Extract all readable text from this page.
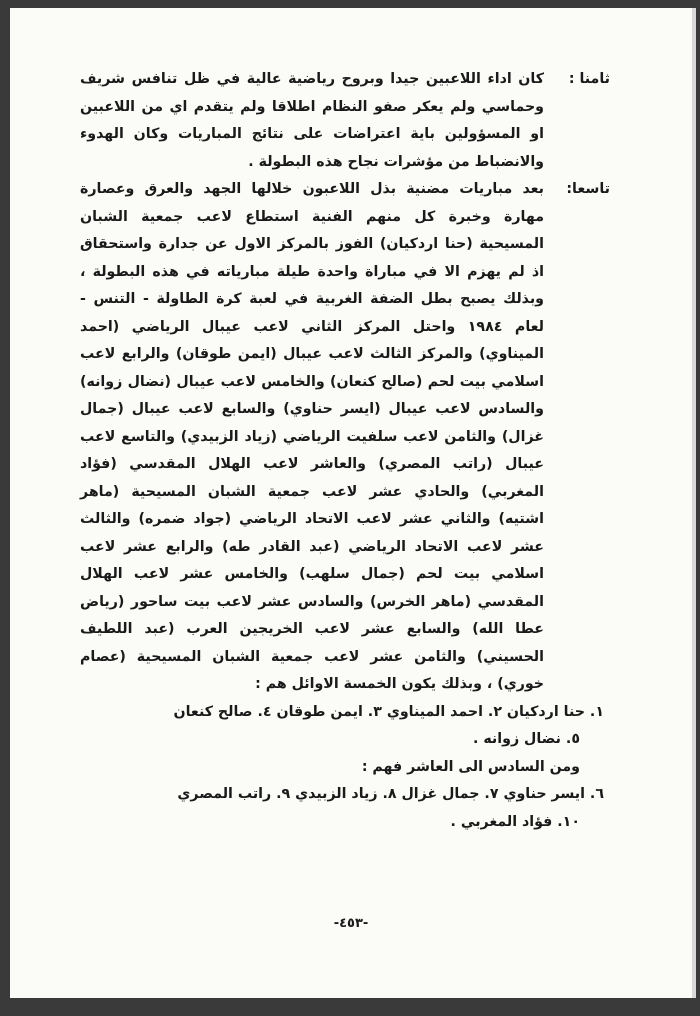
ثامنا :

كان اداء اللاعبين جيدا وبروح رياضية عالية في ظل تنافس شريف وحماسي ولم يعكر صفو النظام اطلاقا ولم يتقدم اي من اللاعبين او المسؤولين باية اعتراضات على نتائج المباريات وكان الهدوء والانضباط من مؤشرات نجاح هذه البطولة .

تاسعا:

بعد مباريات مضنية بذل اللاعبون خلالها الجهد والعرق وعصارة مهارة وخبرة كل منهم الفنية استطاع لاعب جمعية الشبان المسيحية (حنا اردكيان) الفوز بالمركز الاول عن جدارة واستحقاق اذ لم يهزم الا في مباراة واحدة طيلة مبارياته في هذه البطولة ، وبذلك يصبح بطل الضفة الغربية في لعبة كرة الطاولة - التنس - لعام ١٩٨٤ واحتل المركز الثاني لاعب عيبال الرياضي (احمد الميناوي) والمركز الثالث لاعب عيبال (ايمن طوقان) والرابع لاعب اسلامي بيت لحم (صالح كنعان) والخامس لاعب عيبال (نضال زوانه) والسادس لاعب عيبال (ايسر حناوي) والسابع لاعب عيبال (جمال غزال) والثامن لاعب سلفيت الرياضي (زياد الزبيدي) والتاسع لاعب عيبال (راتب المصري) والعاشر لاعب الهلال المقدسي (فؤاد المغربي) والحادي عشر لاعب جمعية الشبان المسيحية (ماهر اشتيه) والثاني عشر لاعب الاتحاد الرياضي (جواد ضمره) والثالث عشر لاعب الاتحاد الرياضي (عبد القادر طه) والرابع عشر لاعب اسلامي بيت لحم (جمال سلهب) والخامس عشر لاعب الهلال المقدسي (ماهر الخرس) والسادس عشر لاعب بيت ساحور (رياض عطا الله) والسابع عشر لاعب الخريجين العرب (عبد اللطيف الحسيني) والثامن عشر لاعب جمعية الشبان المسيحية (عصام خوري) ، وبذلك يكون الخمسة الاوائل هم :

١. حنا اردكيان ٢. احمد الميناوي ٣. ايمن طوقان ٤. صالح كنعان

٥. نضال زوانه .

ومن السادس الى العاشر فهم :

٦. ايسر حناوي ٧. جمال غزال ٨. زياد الزبيدي ٩. راتب المصري

١٠. فؤاد المغربي .

-٤٥٣-
